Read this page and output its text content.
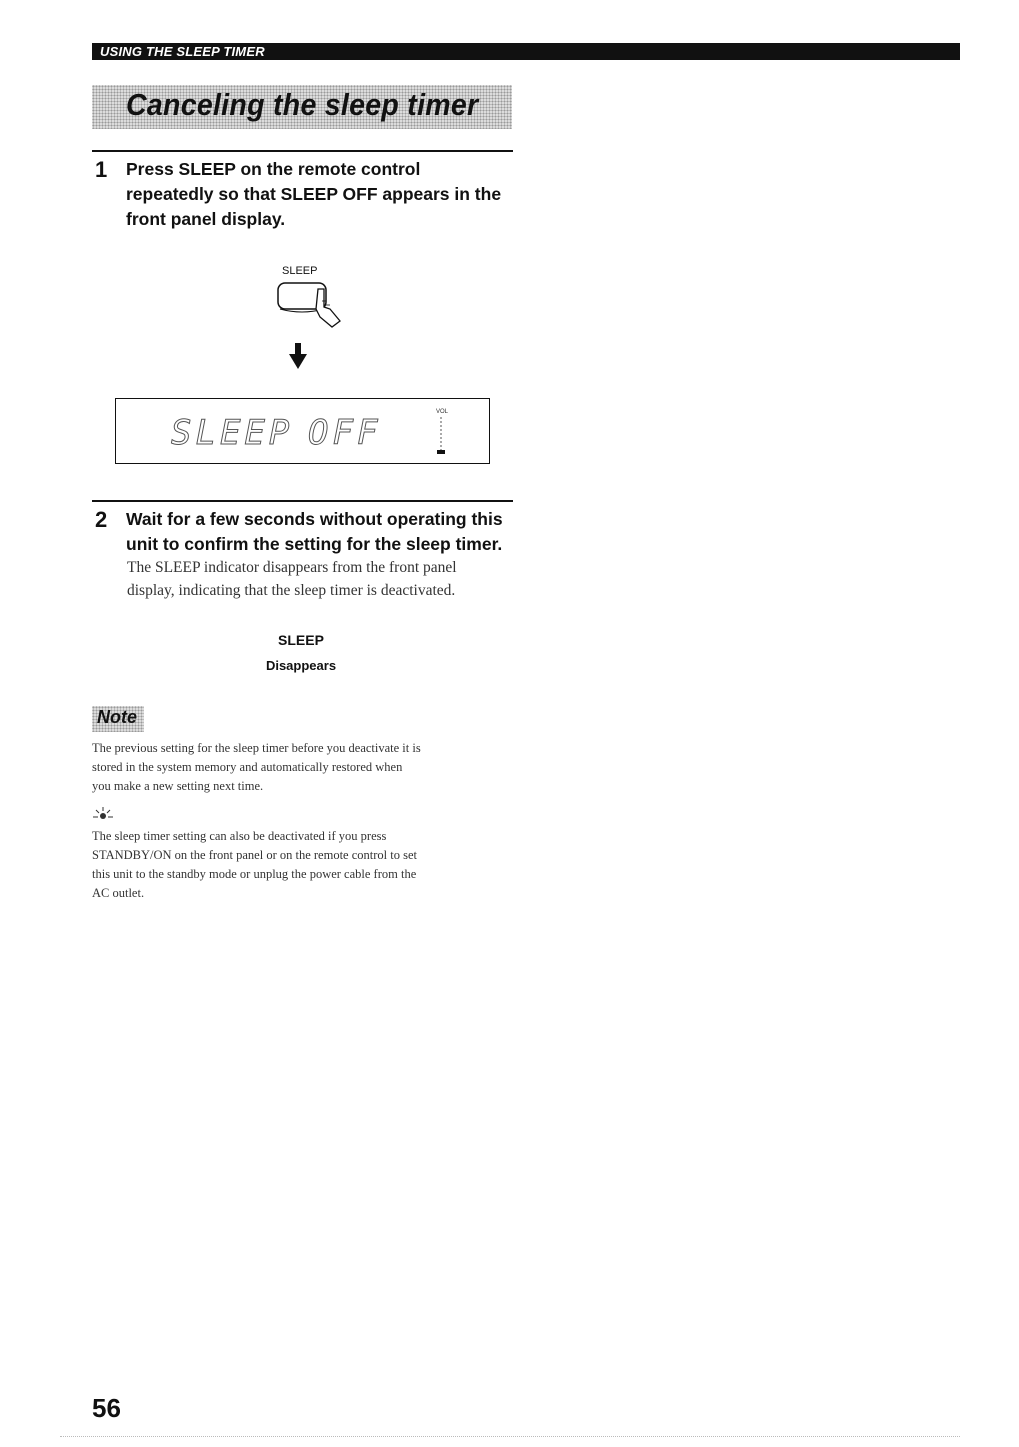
USING THE SLEEP TIMER
Canceling the sleep timer
1 Press SLEEP on the remote control
repeatedly so that SLEEP OFF appears in the
front panel display.
SLEEP
SLEEP OFF
VOL
2 Wait for a few seconds without operating this
unit to confirm the setting for the sleep timer.
The SLEEP indicator disappears from the front panel
display, indicating that the sleep timer is deactivated.
SLEEP
Disappears
Note
The previous setting for the sleep timer before you deactivate it is
stored in the system memory and automatically restored when
you make a new setting next time.
The sleep timer setting can also be deactivated if you press
STANDBY/ON on the front panel or on the remote control to set
this unit to the standby mode or unplug the power cable from the
AC outlet.
56
